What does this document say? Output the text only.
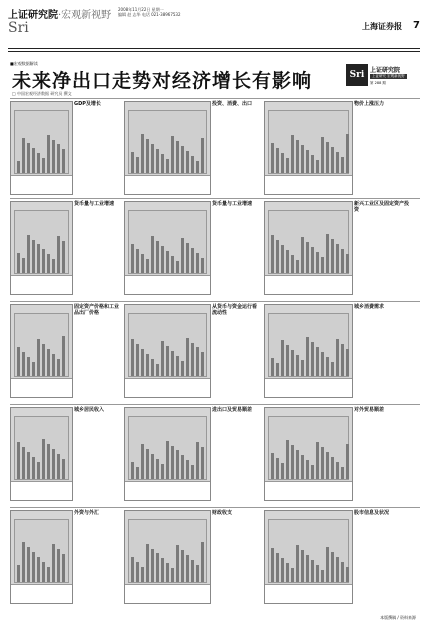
上证研究院·宏观新视野
2008年11月22日 星期一
编辑 赵 志华 电话 021-38967532
Sri	上海证券报 7
■宏观数据解读
未来净出口走势对经济增长有影响
□ 中国宏观经济数据 研究员 撰文
Sri 上证研究院
上证研究 宏观新视野
第 288 期
GDP及增长	投资、消费、出口	物价上涨压力
货币量与工业增速	货币量与工业增速	新兴工业区及固定资产投资
固定资产价格和工业品出厂价格
从货币与资金运行看流动性
城乡消费需求
城乡居民收入	进出口及贸易顺差	对外贸易顺差
外资与外汇	财政收支	股市信息及状况
本版撰稿 / 资料来源
